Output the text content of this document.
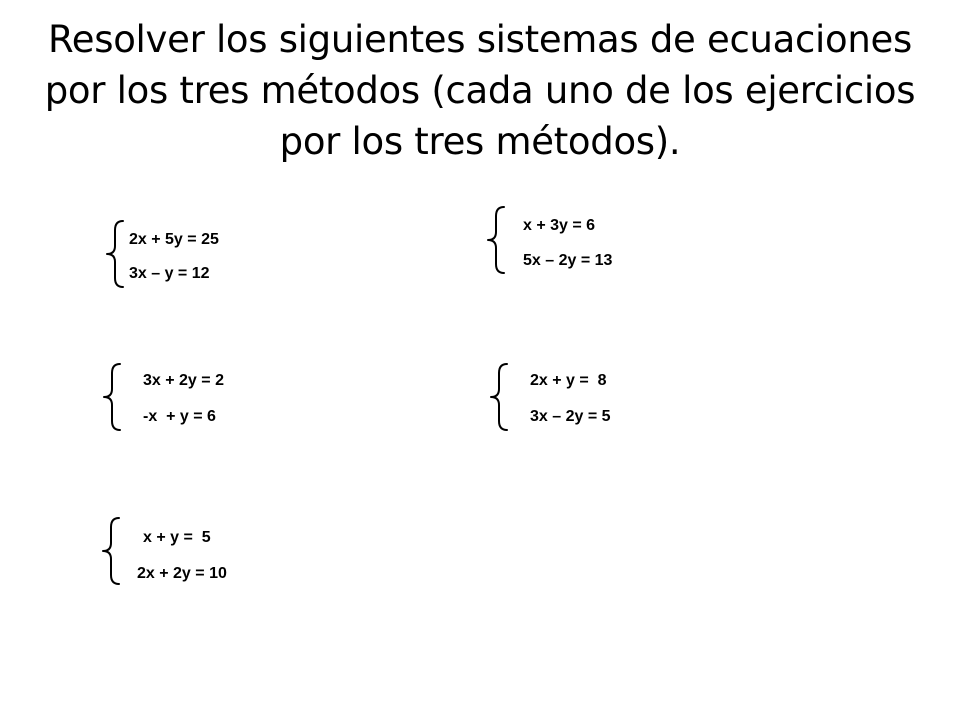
Resolver los siguientes sistemas de ecuaciones
por los tres métodos (cada uno de los ejercicios
por los tres métodos).
2x + 5y = 25
3x – y = 12
x + 3y = 6
5x – 2y = 13
3x + 2y = 2
-x  + y = 6
2x + y =  8
3x – 2y = 5
x + y =  5
2x + 2y = 10
